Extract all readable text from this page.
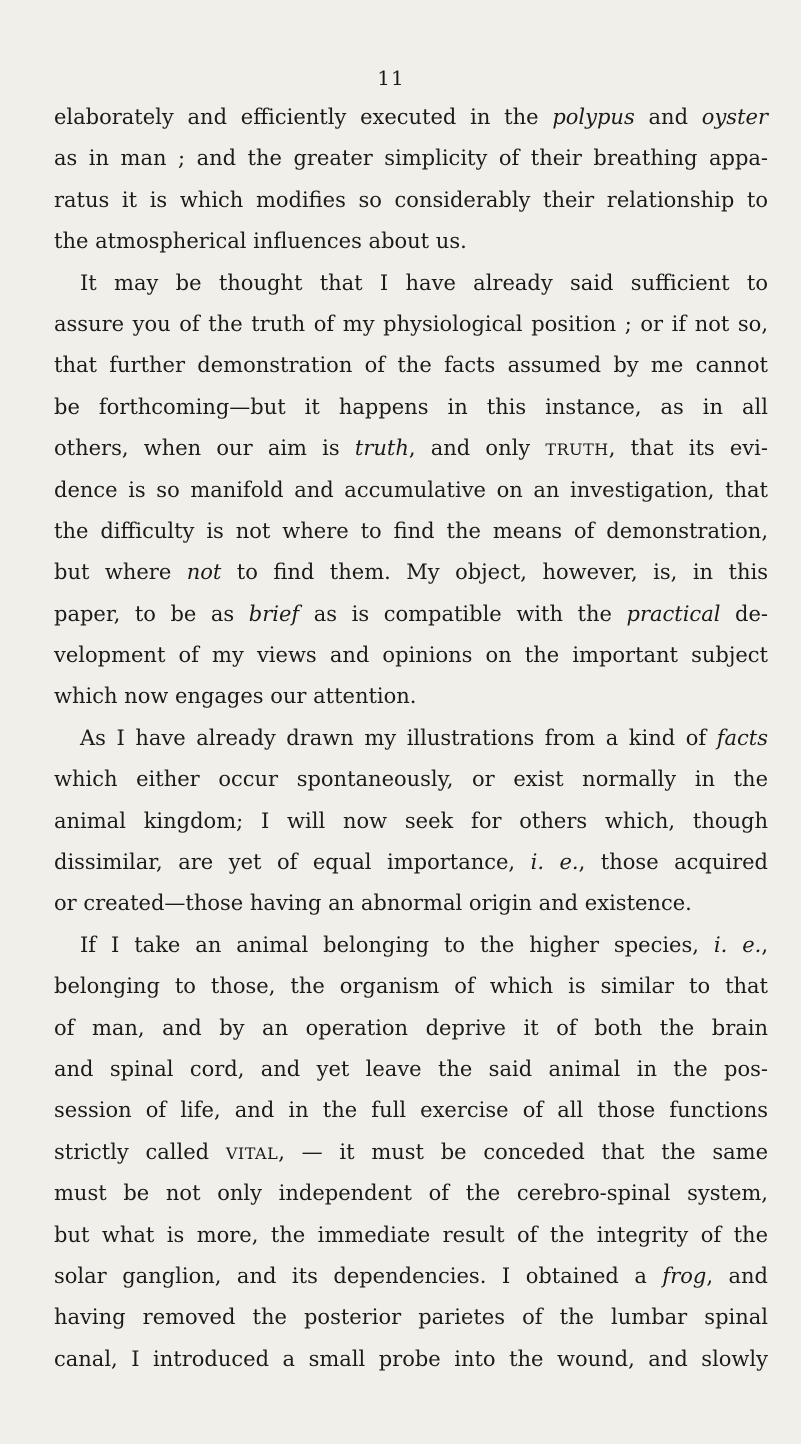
11
elaborately and efficiently executed in the polypus and oyster
as in man ; and the greater simplicity of their breathing appa-
ratus it is which modifies so considerably their relationship to
the atmospherical influences about us.
It may be thought that I have already said sufficient to
assure you of the truth of my physiological position ; or if not so,
that further demonstration of the facts assumed by me cannot
be forthcoming—but it happens in this instance, as in all
others, when our aim is truth, and only TRUTH, that its evi-
dence is so manifold and accumulative on an investigation, that
the difficulty is not where to find the means of demonstration,
but where not to find them. My object, however, is, in this
paper, to be as brief as is compatible with the practical de-
velopment of my views and opinions on the important subject
which now engages our attention.
As I have already drawn my illustrations from a kind of facts
which either occur spontaneously, or exist normally in the
animal kingdom; I will now seek for others which, though
dissimilar, are yet of equal importance, i. e., those acquired
or created—those having an abnormal origin and existence.
If I take an animal belonging to the higher species, i. e.,
belonging to those, the organism of which is similar to that
of man, and by an operation deprive it of both the brain
and spinal cord, and yet leave the said animal in the pos-
session of life, and in the full exercise of all those functions
strictly called VITAL, — it must be conceded that the same
must be not only independent of the cerebro-spinal system,
but what is more, the immediate result of the integrity of the
solar ganglion, and its dependencies. I obtained a frog, and
having removed the posterior parietes of the lumbar spinal
canal, I introduced a small probe into the wound, and slowly
